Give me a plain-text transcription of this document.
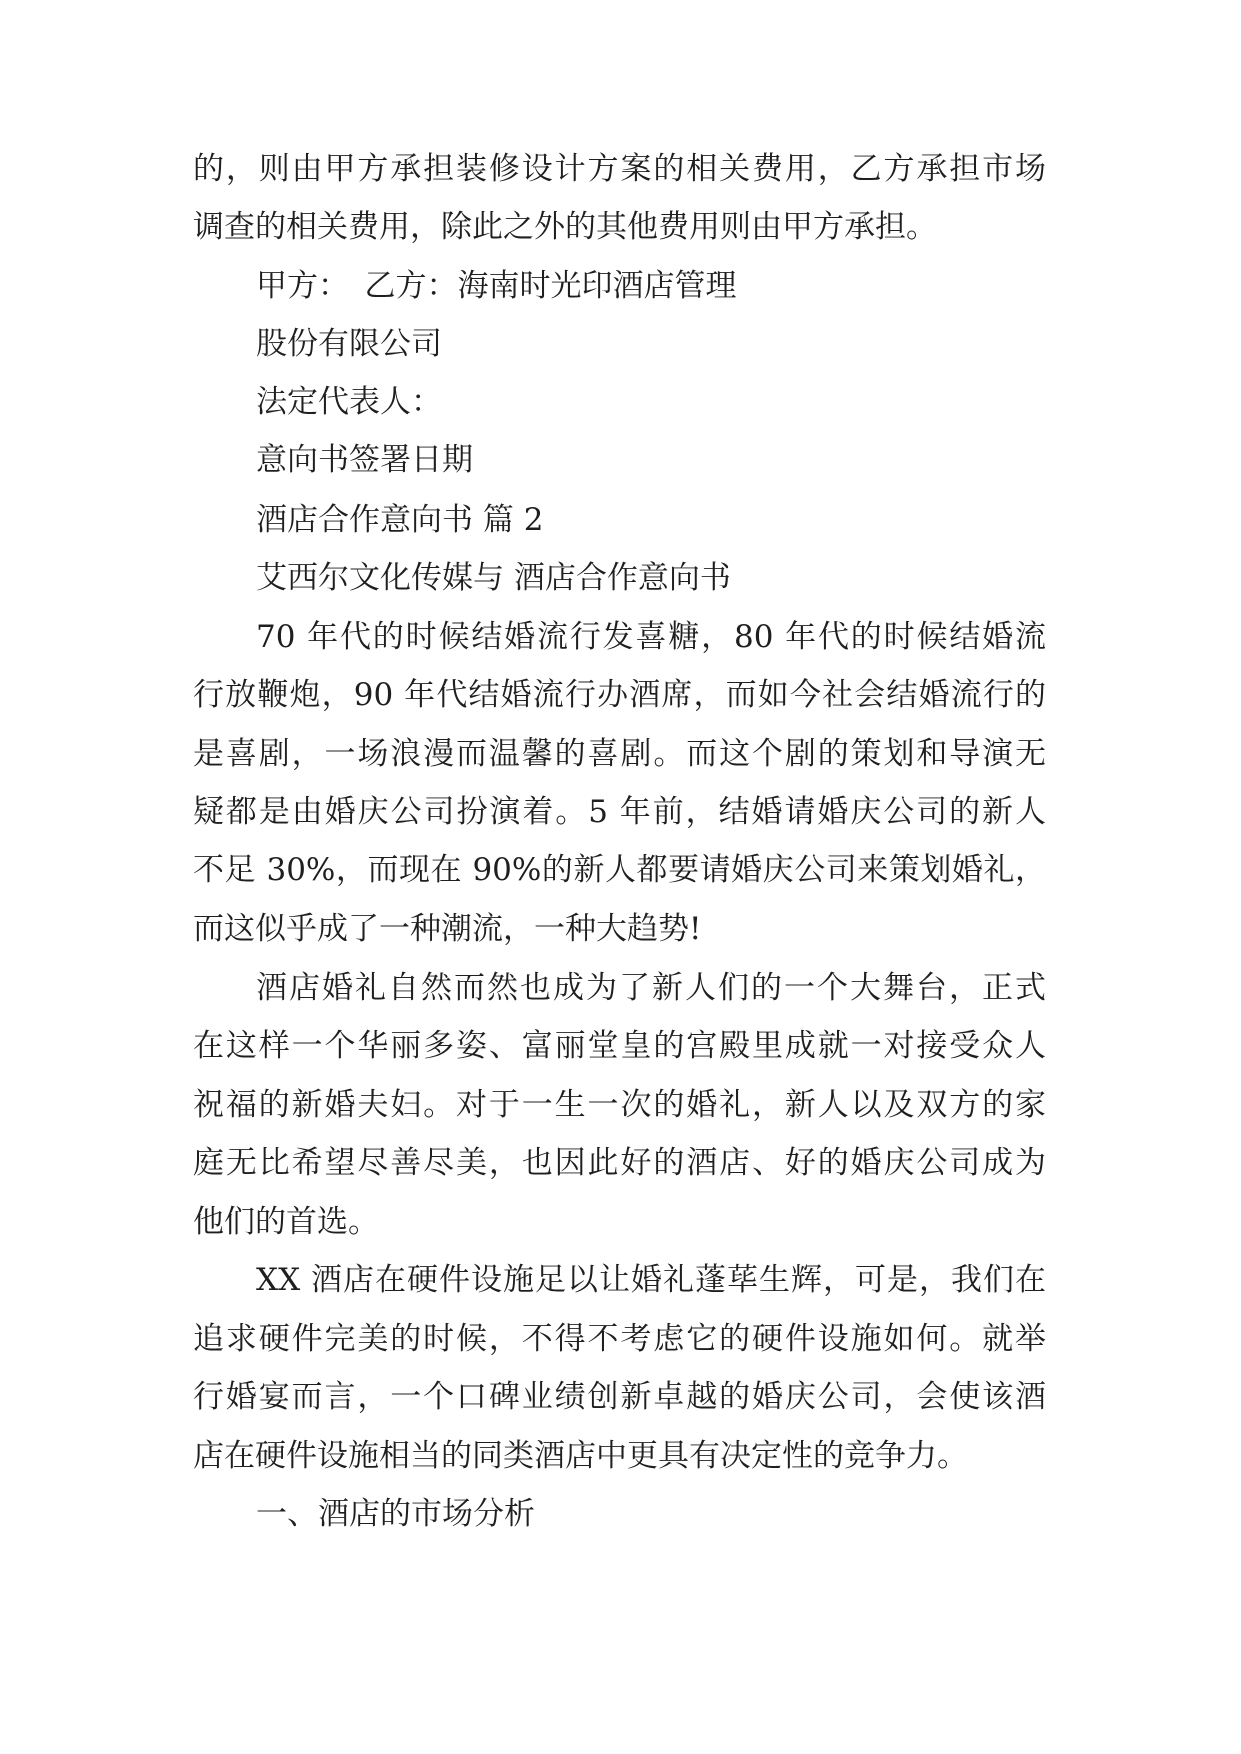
的，则由甲方承担装修设计方案的相关费用，乙方承担市场
调查的相关费用，除此之外的其他费用则由甲方承担。
甲方：　乙方：海南时光印酒店管理
股份有限公司
法定代表人：
意向书签署日期
酒店合作意向书 篇 2
艾西尔文化传媒与 酒店合作意向书
70 年代的时候结婚流行发喜糖，80 年代的时候结婚流
行放鞭炮，90 年代结婚流行办酒席，而如今社会结婚流行的
是喜剧，一场浪漫而温馨的喜剧。而这个剧的策划和导演无
疑都是由婚庆公司扮演着。5 年前，结婚请婚庆公司的新人
不足 30%，而现在 90%的新人都要请婚庆公司来策划婚礼，
而这似乎成了一种潮流，一种大趋势!
酒店婚礼自然而然也成为了新人们的一个大舞台，正式
在这样一个华丽多姿、富丽堂皇的宫殿里成就一对接受众人
祝福的新婚夫妇。对于一生一次的婚礼，新人以及双方的家
庭无比希望尽善尽美，也因此好的酒店、好的婚庆公司成为
他们的首选。
XX 酒店在硬件设施足以让婚礼蓬荜生辉，可是，我们在
追求硬件完美的时候，不得不考虑它的硬件设施如何。就举
行婚宴而言，一个口碑业绩创新卓越的婚庆公司，会使该酒
店在硬件设施相当的同类酒店中更具有决定性的竞争力。
一、酒店的市场分析
